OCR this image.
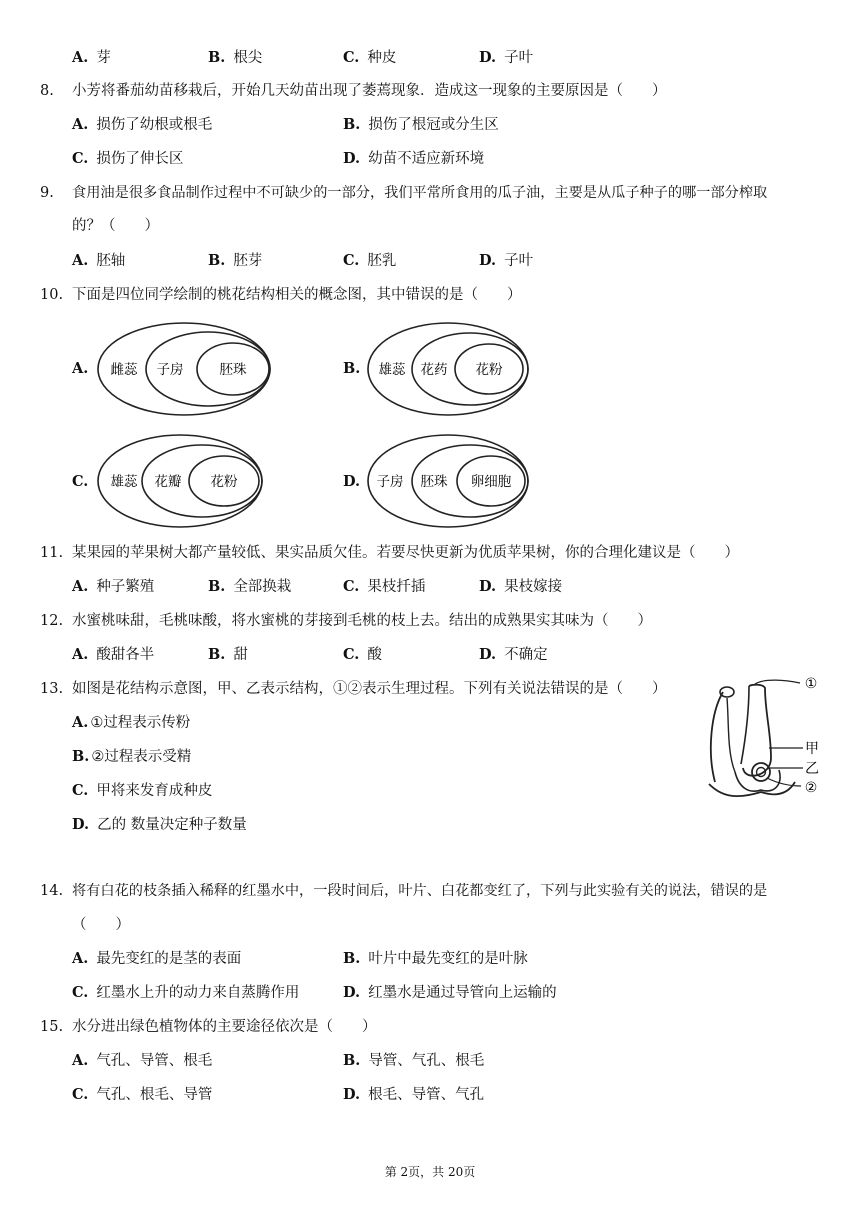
A. 芽	B. 根尖	C. 种皮	D. 子叶
8. 小芳将番茄幼苗移栽后，开始几天幼苗出现了萎蔫现象．造成这一现象的主要原因是（　　）
A. 损伤了幼根或根毛	B. 损伤了根冠或分生区
C. 损伤了伸长区	D. 幼苗不适应新环境
9. 食用油是很多食品制作过程中不可缺少的一部分，我们平常所食用的瓜子油，主要是从瓜子种子的哪一部分榨取
的？（　　）
A. 胚轴	B. 胚芽	C. 胚乳	D. 子叶
10. 下面是四位同学绘制的桃花结构相关的概念图，其中错误的是（　　）
A.	雌蕊 子房	胚珠	B.	雄蕊 花药 花粉
C.	雄蕊 花瓣 花粉	D.	子房 胚珠 卵细胞
11. 某果园的苹果树大都产量较低、果实品质欠佳。若要尽快更新为优质苹果树，你的合理化建议是（　　）
A. 种子繁殖	B. 全部换栽	C. 果枝扦插	D. 果枝嫁接
12. 水蜜桃味甜，毛桃味酸，将水蜜桃的芽接到毛桃的枝上去。结出的成熟果实其味为（　　）
A. 酸甜各半	B. 甜	C. 酸	D. 不确定
13. 如图是花结构示意图，甲、乙表示结构，①②表示生理过程。下列有关说法错误的是（　　）
A. ①过程表示传粉
B. ②过程表示受精
C. 甲将来发育成种皮
D. 乙的 数量决定种子数量
①
甲
乙
②
14. 将有白花的枝条插入稀释的红墨水中，一段时间后，叶片、白花都变红了，下列与此实验有关的说法，错误的是
（　　）
A. 最先变红的是茎的表面	B. 叶片中最先变红的是叶脉
C. 红墨水上升的动力来自蒸腾作用	D. 红墨水是通过导管向上运输的
15. 水分进出绿色植物体的主要途径依次是（　　）
A. 气孔、导管、根毛	B. 导管、气孔、根毛
C. 气孔、根毛、导管	D. 根毛、导管、气孔
第 2页，共 20页
